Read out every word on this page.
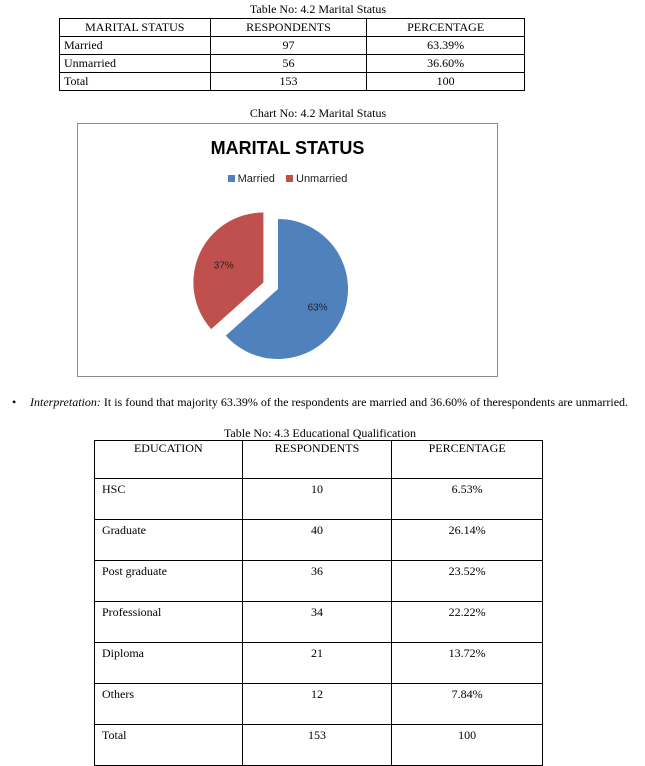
Table No: 4.2 Marital Status
MARITAL STATUS	RESPONDENTS	PERCENTAGE
Married	97	63.39%
Unmarried	56	36.60%
Total	153	100
Chart No: 4.2 Marital Status
MARITAL STATUS
Married Unmarried
63%
37%
• Interpretation: It is found that majority 63.39% of the respondents are married and 36.60% of therespondents are unmarried.
Table No: 4.3 Educational Qualification
EDUCATION	RESPONDENTS	PERCENTAGE
HSC	10	6.53%
Graduate	40	26.14%
Post graduate	36	23.52%
Professional	34	22.22%
Diploma	21	13.72%
Others	12	7.84%
Total	153	100
